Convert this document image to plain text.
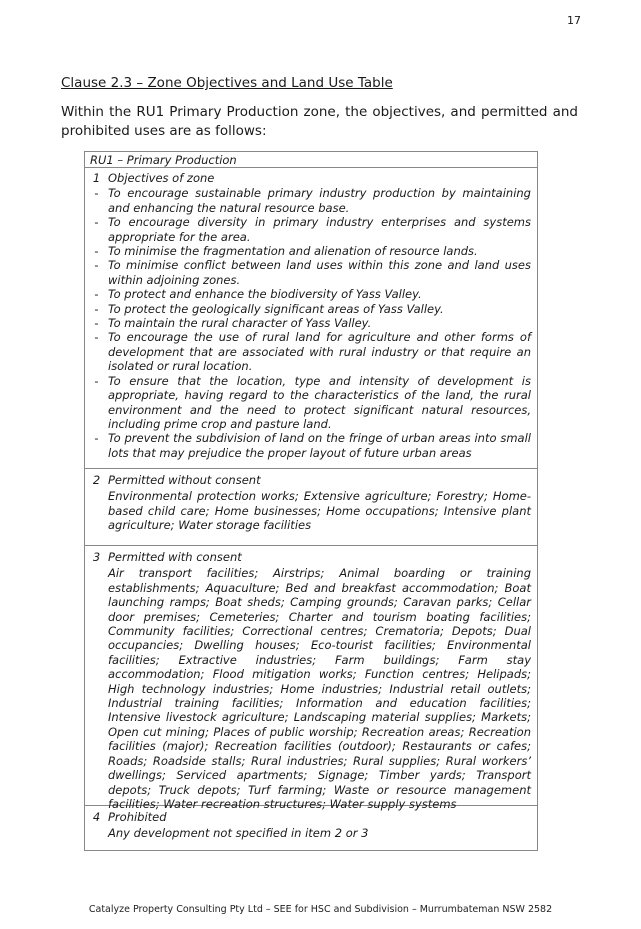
17
Clause 2.3 – Zone Objectives and Land Use Table

Within the RU1 Primary Production zone, the objectives, and permitted and prohibited uses are as follows:

RU1 – Primary Production
1 Objectives of zone
- To encourage sustainable primary industry production by maintaining and enhancing the natural resource base.
- To encourage diversity in primary industry enterprises and systems appropriate for the area.
- To minimise the fragmentation and alienation of resource lands.
- To minimise conflict between land uses within this zone and land uses within adjoining zones.
- To protect and enhance the biodiversity of Yass Valley.
- To protect the geologically significant areas of Yass Valley.
- To maintain the rural character of Yass Valley.
- To encourage the use of rural land for agriculture and other forms of development that are associated with rural industry or that require an isolated or rural location.
- To ensure that the location, type and intensity of development is appropriate, having regard to the characteristics of the land, the rural environment and the need to protect significant natural resources, including prime crop and pasture land.
- To prevent the subdivision of land on the fringe of urban areas into small lots that may prejudice the proper layout of future urban areas
2 Permitted without consent
Environmental protection works; Extensive agriculture; Forestry; Home-based child care; Home businesses; Home occupations; Intensive plant agriculture; Water storage facilities
3 Permitted with consent
Air transport facilities; Airstrips; Animal boarding or training establishments; Aquaculture; Bed and breakfast accommodation; Boat launching ramps; Boat sheds; Camping grounds; Caravan parks; Cellar door premises; Cemeteries; Charter and tourism boating facilities; Community facilities; Correctional centres; Crematoria; Depots; Dual occupancies; Dwelling houses; Eco-tourist facilities; Environmental facilities; Extractive industries; Farm buildings; Farm stay accommodation; Flood mitigation works; Function centres; Helipads; High technology industries; Home industries; Industrial retail outlets; Industrial training facilities; Information and education facilities; Intensive livestock agriculture; Landscaping material supplies; Markets; Open cut mining; Places of public worship; Recreation areas; Recreation facilities (major); Recreation facilities (outdoor); Restaurants or cafes; Roads; Roadside stalls; Rural industries; Rural supplies; Rural workers’ dwellings; Serviced apartments; Signage; Timber yards; Transport depots; Truck depots; Turf farming; Waste or resource management facilities; Water recreation structures; Water supply systems
4 Prohibited
Any development not specified in item 2 or 3
Catalyze Property Consulting Pty Ltd – SEE for HSC and Subdivision – Murrumbateman NSW 2582
